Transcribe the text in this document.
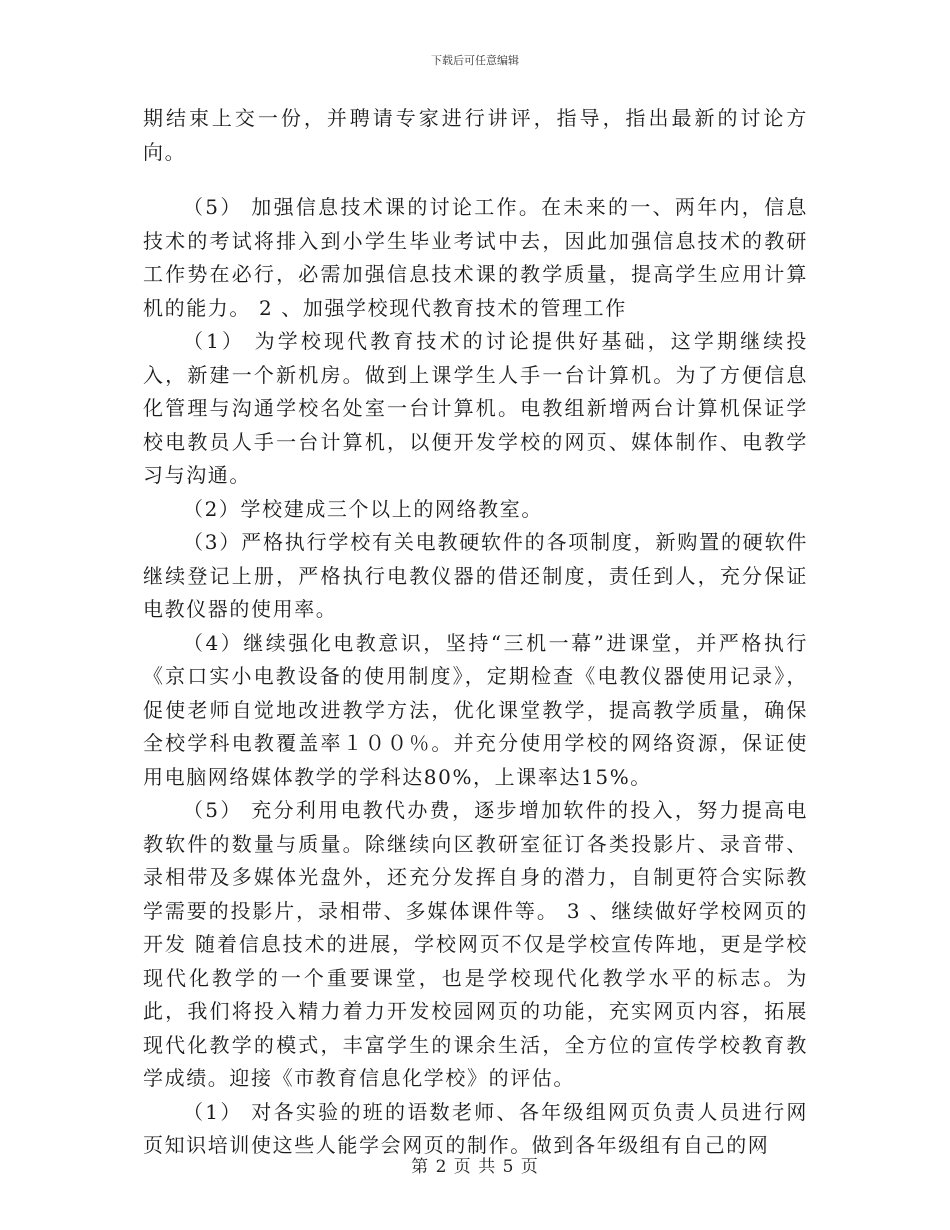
下载后可任意编辑

期结束上交一份，并聘请专家进行讲评，指导，指出最新的讨论方向。

（5） 加强信息技术课的讨论工作。在未来的一、两年内，信息技术的考试将排入到小学生毕业考试中去，因此加强信息技术的教研工作势在必行，必需加强信息技术课的教学质量，提高学生应用计算机的能力。 2 、加强学校现代教育技术的管理工作

（1） 为学校现代教育技术的讨论提供好基础，这学期继续投入，新建一个新机房。做到上课学生人手一台计算机。为了方便信息化管理与沟通学校名处室一台计算机。电教组新增两台计算机保证学校电教员人手一台计算机，以便开发学校的网页、媒体制作、电教学习与沟通。

（2）学校建成三个以上的网络教室。

（3）严格执行学校有关电教硬软件的各项制度，新购置的硬软件继续登记上册，严格执行电教仪器的借还制度，责任到人，充分保证电教仪器的使用率。

（4）继续强化电教意识，坚持“三机一幕”进课堂，并严格执行《京口实小电教设备的使用制度》，定期检查《电教仪器使用记录》，促使老师自觉地改进教学方法，优化课堂教学，提高教学质量，确保全校学科电教覆盖率１００％。并充分使用学校的网络资源，保证使用电脑网络媒体教学的学科达80%，上课率达15%。

（5） 充分利用电教代办费，逐步增加软件的投入，努力提高电教软件的数量与质量。除继续向区教研室征订各类投影片、录音带、录相带及多媒体光盘外，还充分发挥自身的潜力，自制更符合实际教学需要的投影片，录相带、多媒体课件等。 3 、继续做好学校网页的开发 随着信息技术的进展，学校网页不仅是学校宣传阵地，更是学校现代化教学的一个重要课堂，也是学校现代化教学水平的标志。为此，我们将投入精力着力开发校园网页的功能，充实网页内容，拓展现代化教学的模式，丰富学生的课余生活，全方位的宣传学校教育教学成绩。迎接《市教育信息化学校》的评估。

（1） 对各实验的班的语数老师、各年级组网页负责人员进行网页知识培训使这些人能学会网页的制作。做到各年级组有自己的网

第 2 页 共 5 页
